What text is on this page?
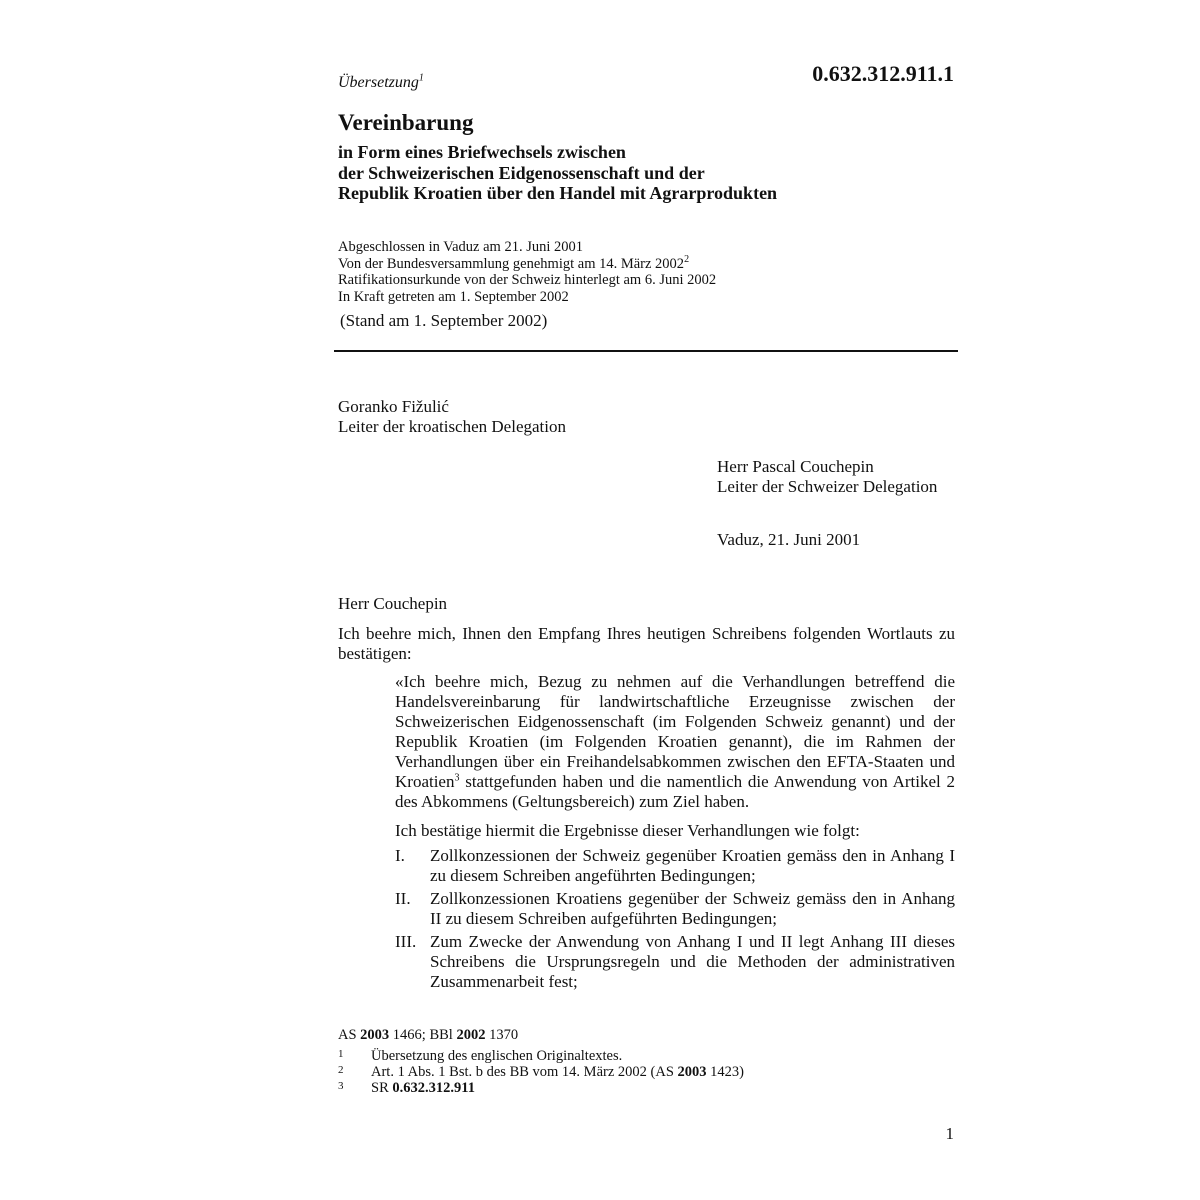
0.632.312.911.1
Übersetzung$^1$
Vereinbarung
in Form eines Briefwechsels zwischen
der Schweizerischen Eidgenossenschaft und der
Republik Kroatien über den Handel mit Agrarprodukten
Abgeschlossen in Vaduz am 21. Juni 2001
Von der Bundesversammlung genehmigt am 14. März 2002$^2$
Ratifikationsurkunde von der Schweiz hinterlegt am 6. Juni 2002
In Kraft getreten am 1. September 2002
(Stand am 1. September 2002)
Goranko Fižulić
Leiter der kroatischen Delegation
Herr Pascal Couchepin
Leiter der Schweizer Delegation
Vaduz, 21. Juni 2001
Herr Couchepin
Ich beehre mich, Ihnen den Empfang Ihres heutigen Schreibens folgenden Wortlauts zu bestätigen:
«Ich beehre mich, Bezug zu nehmen auf die Verhandlungen betreffend die Handelsvereinbarung für landwirtschaftliche Erzeugnisse zwischen der Schweizerischen Eidgenossenschaft (im Folgenden Schweiz genannt) und der Republik Kroatien (im Folgenden Kroatien genannt), die im Rahmen der Verhandlungen über ein Freihandelsabkommen zwischen den EFTA-Staaten und Kroatien$^3$ stattgefunden haben und die namentlich die Anwendung von Artikel 2 des Abkommens (Geltungsbereich) zum Ziel haben.
Ich bestätige hiermit die Ergebnisse dieser Verhandlungen wie folgt:
I. Zollkonzessionen der Schweiz gegenüber Kroatien gemäss den in Anhang I zu diesem Schreiben angeführten Bedingungen;
II. Zollkonzessionen Kroatiens gegenüber der Schweiz gemäss den in Anhang II zu diesem Schreiben aufgeführten Bedingungen;
III. Zum Zwecke der Anwendung von Anhang I und II legt Anhang III dieses Schreibens die Ursprungsregeln und die Methoden der administrativen Zusammenarbeit fest;
AS 2003 1466; BBl 2002 1370
1 Übersetzung des englischen Originaltextes.
2 Art. 1 Abs. 1 Bst. b des BB vom 14. März 2002 (AS 2003 1423)
3 SR 0.632.312.911
1
